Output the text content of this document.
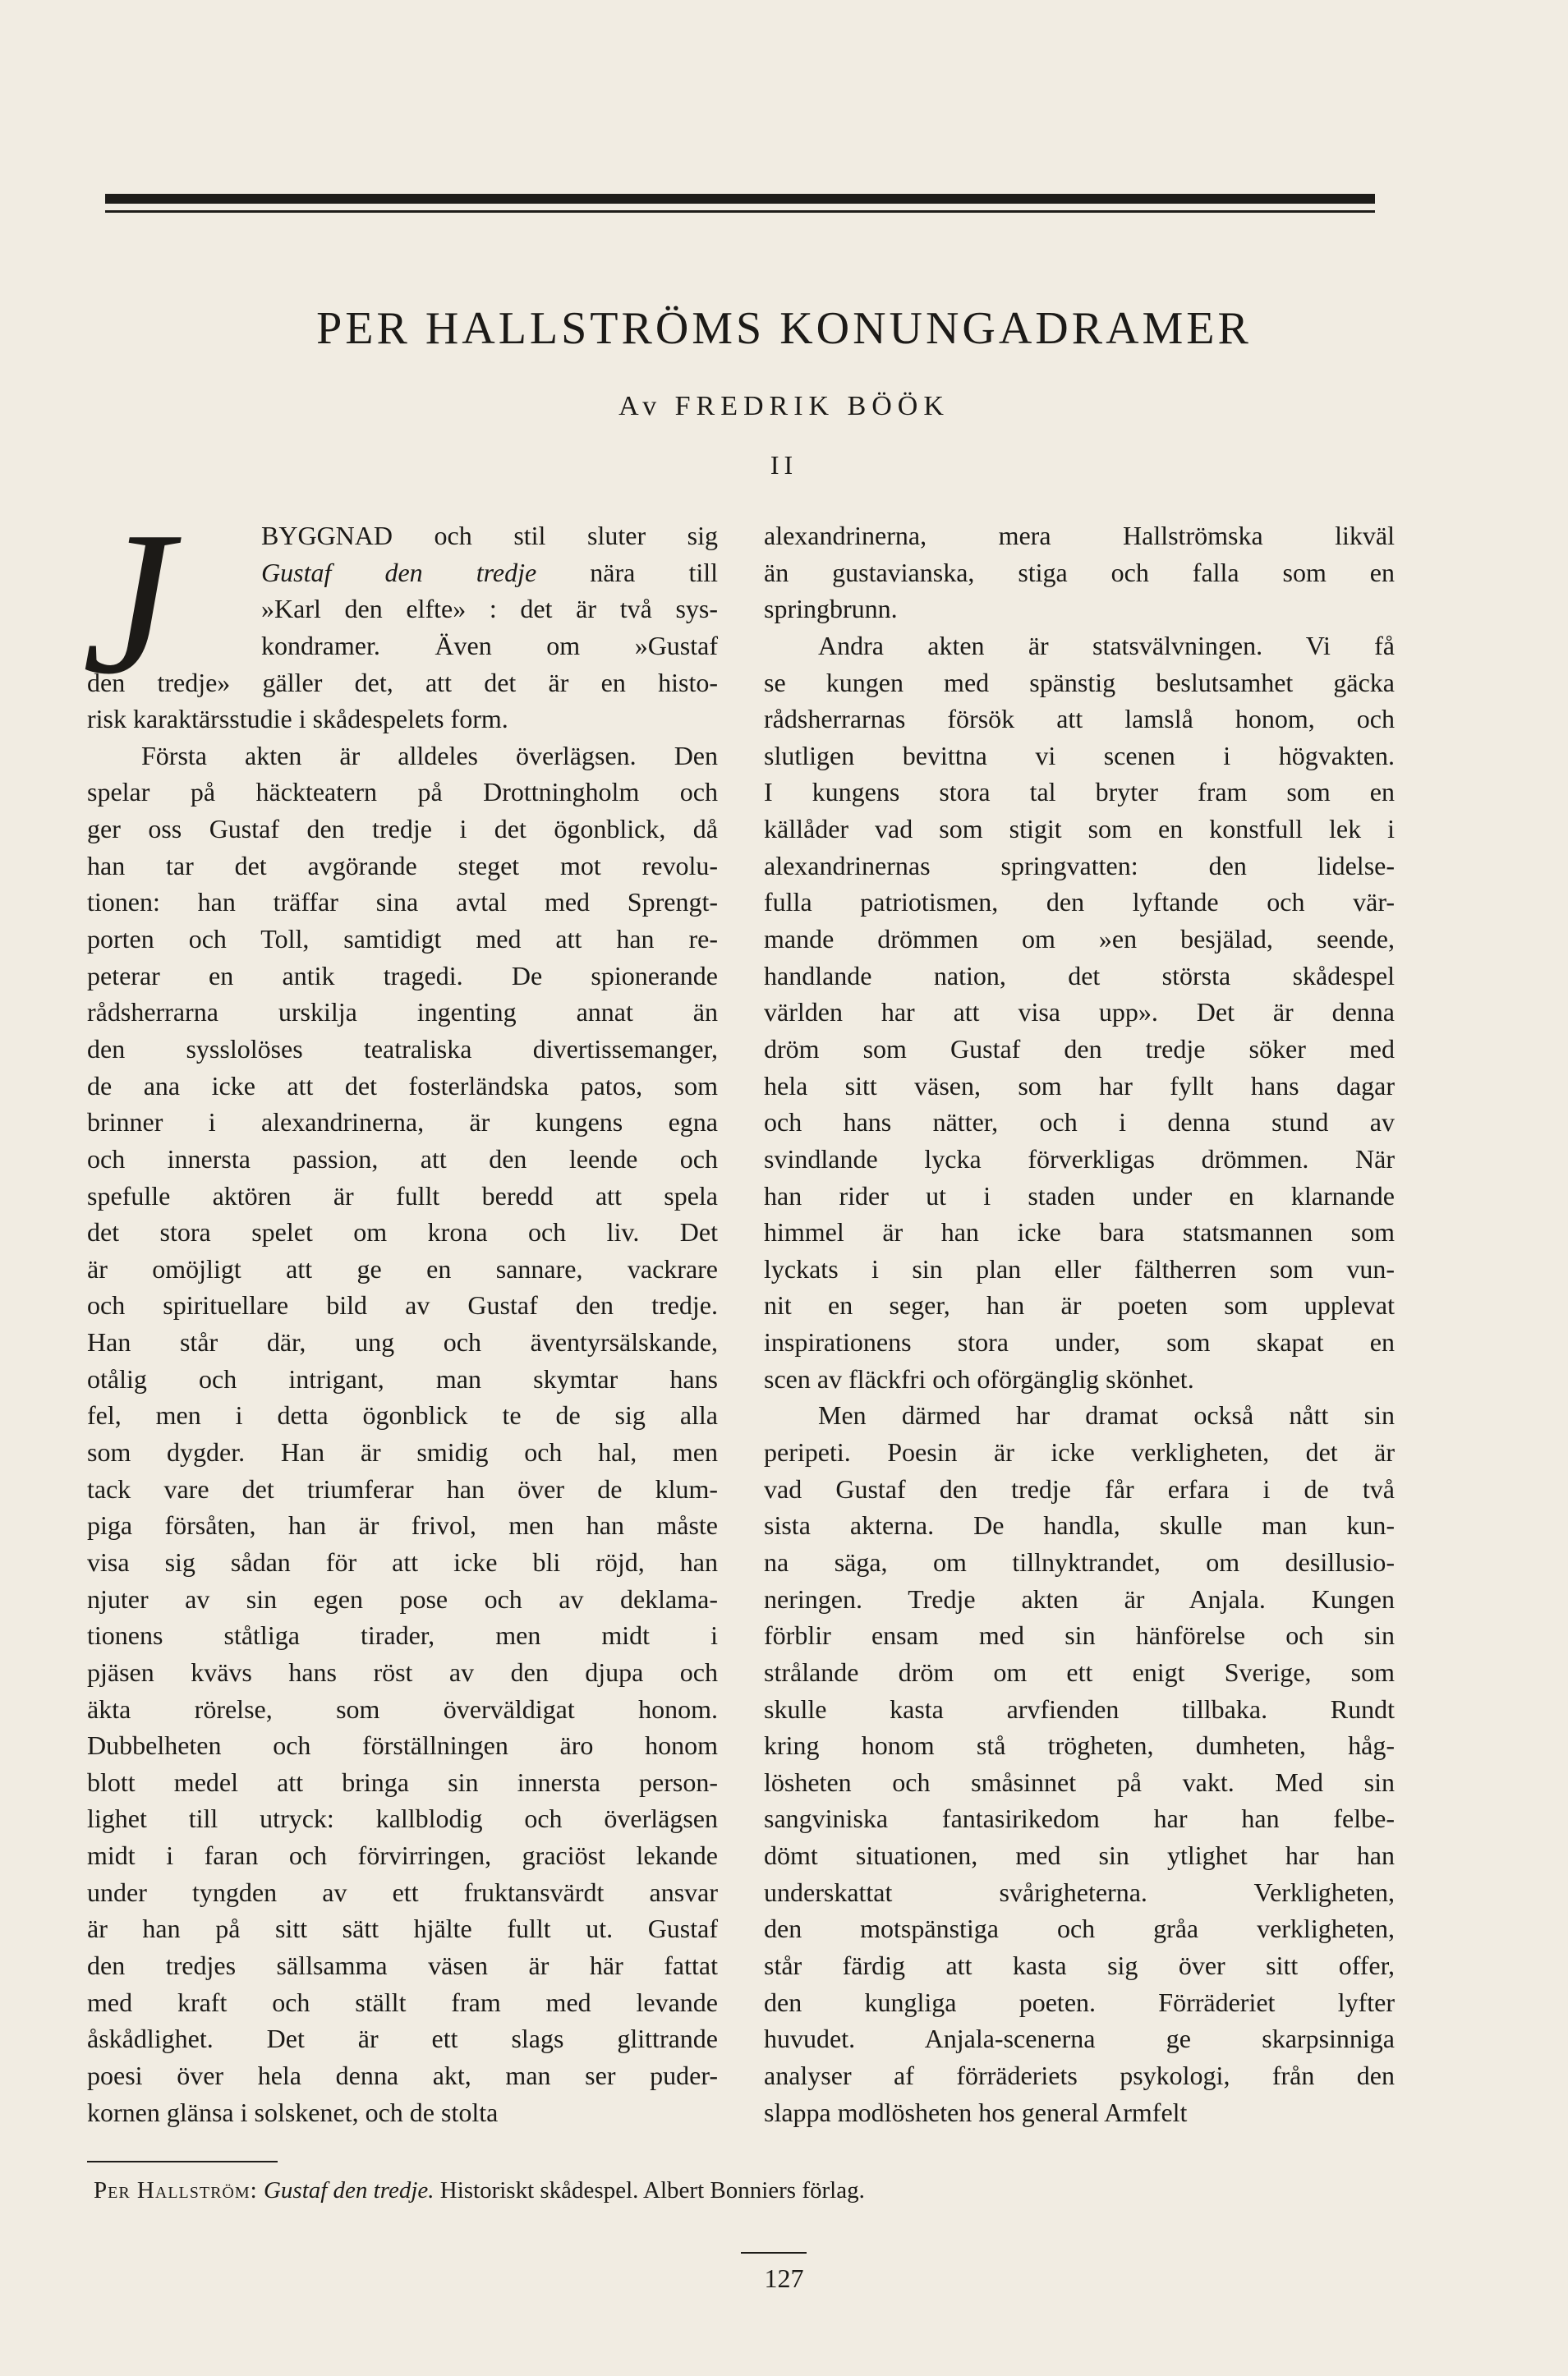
PER HALLSTRÖMS KONUNGADRAMER
Av FREDRIK BÖÖK
II
J	BYGGNAD och stil sluter sig
Gustaf den tredje nära till
»Karl den elfte» : det är två sys-
kondramer. Även om »Gustaf
den tredje» gäller det, att det är en histo-
risk karaktärsstudie i skådespelets form.
Första akten är alldeles överlägsen. Den
spelar på häckteatern på Drottningholm och
ger oss Gustaf den tredje i det ögonblick, då
han tar det avgörande steget mot revolu-
tionen: han träffar sina avtal med Sprengt-
porten och Toll, samtidigt med att han re-
peterar en antik tragedi. De spionerande
rådsherrarna urskilja ingenting annat än
den sysslolöses teatraliska divertissemanger,
de ana icke att det fosterländska patos, som
brinner i alexandrinerna, är kungens egna
och innersta passion, att den leende och
spefulle aktören är fullt beredd att spela
det stora spelet om krona och liv. Det
är omöjligt att ge en sannare, vackrare
och spirituellare bild av Gustaf den tredje.
Han står där, ung och äventyrsälskande,
otålig och intrigant, man skymtar hans
fel, men i detta ögonblick te de sig alla
som dygder. Han är smidig och hal, men
tack vare det triumferar han över de klum-
piga försåten, han är frivol, men han måste
visa sig sådan för att icke bli röjd, han
njuter av sin egen pose och av deklama-
tionens ståtliga tirader, men midt i
pjäsen kvävs hans röst av den djupa och
äkta rörelse, som överväldigat honom.
Dubbelheten och förställningen äro honom
blott medel att bringa sin innersta person-
lighet till utryck: kallblodig och överlägsen
midt i faran och förvirringen, graciöst lekande
under tyngden av ett fruktansvärdt ansvar
är han på sitt sätt hjälte fullt ut. Gustaf
den tredjes sällsamma väsen är här fattat
med kraft och ställt fram med levande
åskådlighet. Det är ett slags glittrande
poesi över hela denna akt, man ser puder-
kornen glänsa i solskenet, och de stolta
alexandrinerna, mera Hallströmska likväl
än gustavianska, stiga och falla som en
springbrunn.
Andra akten är statsvälvningen. Vi få
se kungen med spänstig beslutsamhet gäcka
rådsherrarnas försök att lamslå honom, och
slutligen bevittna vi scenen i högvakten.
I kungens stora tal bryter fram som en
källåder vad som stigit som en konstfull lek i
alexandrinernas springvatten: den lidelse-
fulla patriotismen, den lyftande och vär-
mande drömmen om »en besjälad, seende,
handlande nation, det största skådespel
världen har att visa upp». Det är denna
dröm som Gustaf den tredje söker med
hela sitt väsen, som har fyllt hans dagar
och hans nätter, och i denna stund av
svindlande lycka förverkligas drömmen. När
han rider ut i staden under en klarnande
himmel är han icke bara statsmannen som
lyckats i sin plan eller fältherren som vun-
nit en seger, han är poeten som upplevat
inspirationens stora under, som skapat en
scen av fläckfri och oförgänglig skönhet.
Men därmed har dramat också nått sin
peripeti. Poesin är icke verkligheten, det är
vad Gustaf den tredje får erfara i de två
sista akterna. De handla, skulle man kun-
na säga, om tillnyktrandet, om desillusio-
neringen. Tredje akten är Anjala. Kungen
förblir ensam med sin hänförelse och sin
strålande dröm om ett enigt Sverige, som
skulle kasta arvfienden tillbaka. Rundt
kring honom stå trögheten, dumheten, håg-
lösheten och småsinnet på vakt. Med sin
sangviniska fantasirikedom har han felbe-
dömt situationen, med sin ytlighet har han
underskattat svårigheterna. Verkligheten,
den motspänstiga och gråa verkligheten,
står färdig att kasta sig över sitt offer,
den kungliga poeten. Förräderiet lyfter
huvudet. Anjala-scenerna ge skarpsinniga
analyser af förräderiets psykologi, från den
slappa modlösheten hos general Armfelt
Per Hallström: Gustaf den tredje. Historiskt skådespel. Albert Bonniers förlag.
127
